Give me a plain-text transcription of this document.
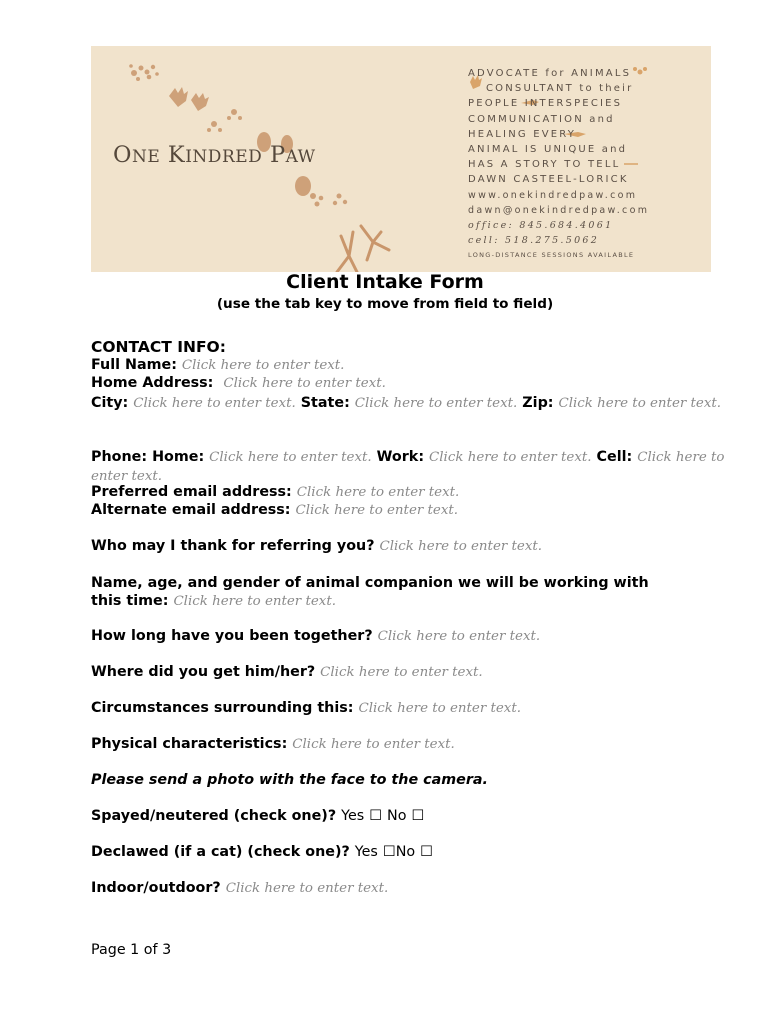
ONE KINDRED PAW
ADVOCATE for ANIMALS
CONSULTANT to their
PEOPLE INTERSPECIES
COMMUNICATION and
HEALING EVERY
ANIMAL IS UNIQUE and
HAS A STORY TO TELL
DAWN CASTEEL-LORICK
www.onekindredpaw.com
dawn@onekindredpaw.com
office: 845.684.4061
cell: 518.275.5062
LONG-DISTANCE SESSIONS AVAILABLE
Client Intake Form
(use the tab key to move from field to field)
CONTACT INFO:
Full Name: Click here to enter text.
Home Address: Click here to enter text.
City: Click here to enter text. State: Click here to enter text. Zip: Click here to enter text.
Phone: Home: Click here to enter text. Work: Click here to enter text. Cell: Click here to enter text.
Preferred email address: Click here to enter text.
Alternate email address: Click here to enter text.
Who may I thank for referring you? Click here to enter text.
Name, age, and gender of animal companion we will be working with this time: Click here to enter text.
How long have you been together? Click here to enter text.
Where did you get him/her? Click here to enter text.
Circumstances surrounding this: Click here to enter text.
Physical characteristics: Click here to enter text.
Please send a photo with the face to the camera.
Spayed/neutered (check one)? Yes ☐ No ☐
Declawed (if a cat) (check one)? Yes ☐No ☐
Indoor/outdoor? Click here to enter text.
Page 1 of 3
